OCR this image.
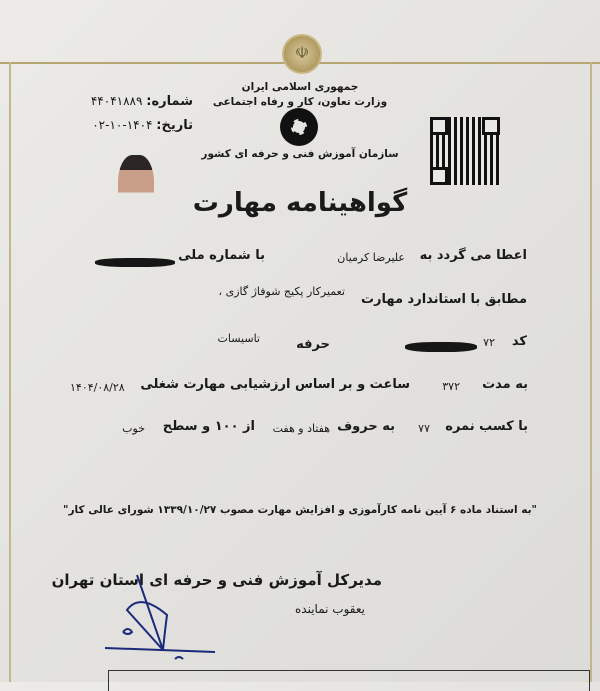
☫
جمهوری اسلامی ایران
وزارت تعاون، کار و رفاه اجتماعی
سازمان آموزش فنی و حرفه ای کشور
شماره: ۴۴۰۴۱۸۸۹
تاریخ: ۱۴۰۴-۱۰-۰۲
گواهینامه مهارت
اعطا می گردد به
علیرضا کرمیان
با شماره ملی
مطابق با استاندارد مهارت
تعمیرکار پکیج شوفاژ گازی ،
کد
۷۲
حرفه
تاسیسات
به مدت
۳۷۲
ساعت و بر اساس ارزشیابی مهارت شغلی
۱۴۰۴/۰۸/۲۸
با کسب نمره
۷۷
به حروف
هفتاد و هفت
از ۱۰۰ و سطح
خوب
"به استناد ماده ۶ آیین نامه کارآموزی و افزایش مهارت مصوب ۱۳۳۹/۱۰/۲۷ شورای عالی کار"
مدیرکل آموزش فنی و حرفه ای استان تهران
یعقوب نماینده
